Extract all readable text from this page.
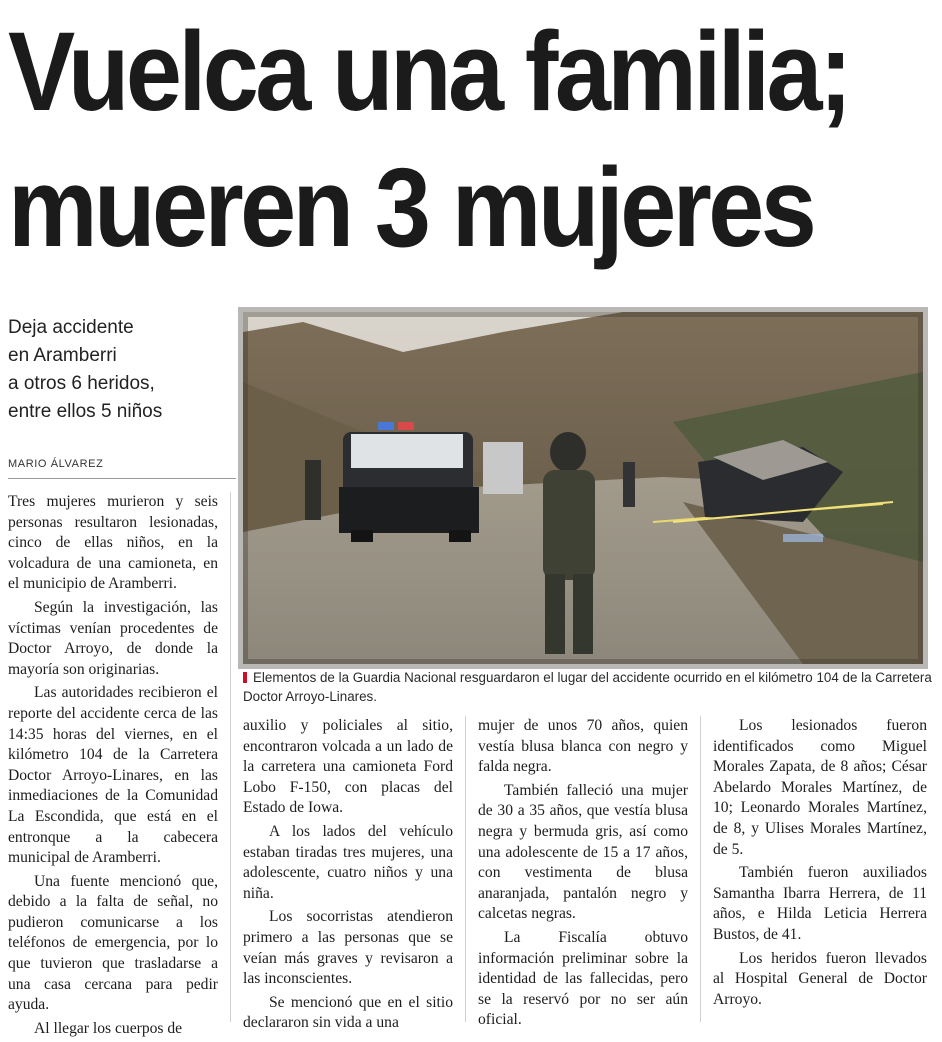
Vuelca una familia;
mueren 3 mujeres
Deja accidente
en Aramberri
a otros 6 heridos,
entre ellos 5 niños
MARIO ÁLVAREZ
Elementos de la Guardia Nacional resguardaron el lugar del accidente ocurrido en el kilómetro 104 de la Carretera Doctor Arroyo-Linares.

Tres mujeres murieron y seis personas resultaron lesionadas, cinco de ellas niños, en la volcadura de una camioneta, en el municipio de Aramberri.

Según la investigación, las víctimas venían procedentes de Doctor Arroyo, de donde la mayoría son originarias.

Las autoridades recibieron el reporte del accidente cerca de las 14:35 horas del viernes, en el kilómetro 104 de la Carretera Doctor Arroyo-Linares, en las inmediaciones de la Comunidad La Escondida, que está en el entronque a la cabecera municipal de Aramberri.

Una fuente mencionó que, debido a la falta de señal, no pudieron comunicarse a los teléfonos de emergencia, por lo que tuvieron que trasladarse a una casa cercana para pedir ayuda.

Al llegar los cuerpos de

auxilio y policiales al sitio, encontraron volcada a un lado de la carretera una camioneta Ford Lobo F-150, con placas del Estado de Iowa.

A los lados del vehículo estaban tiradas tres mujeres, una adolescente, cuatro niños y una niña.

Los socorristas atendieron primero a las personas que se veían más graves y revisaron a las inconscientes.

Se mencionó que en el sitio declararon sin vida a una

mujer de unos 70 años, quien vestía blusa blanca con negro y falda negra.

También falleció una mujer de 30 a 35 años, que vestía blusa negra y bermuda gris, así como una adolescente de 15 a 17 años, con vestimenta de blusa anaranjada, pantalón negro y calcetas negras.

La Fiscalía obtuvo información preliminar sobre la identidad de las fallecidas, pero se la reservó por no ser aún oficial.

Los lesionados fueron identificados como Miguel Morales Zapata, de 8 años; César Abelardo Morales Martínez, de 10; Leonardo Morales Martínez, de 8, y Ulises Morales Martínez, de 5.

También fueron auxiliados Samantha Ibarra Herrera, de 11 años, e Hilda Leticia Herrera Bustos, de 41.

Los heridos fueron llevados al Hospital General de Doctor Arroyo.
